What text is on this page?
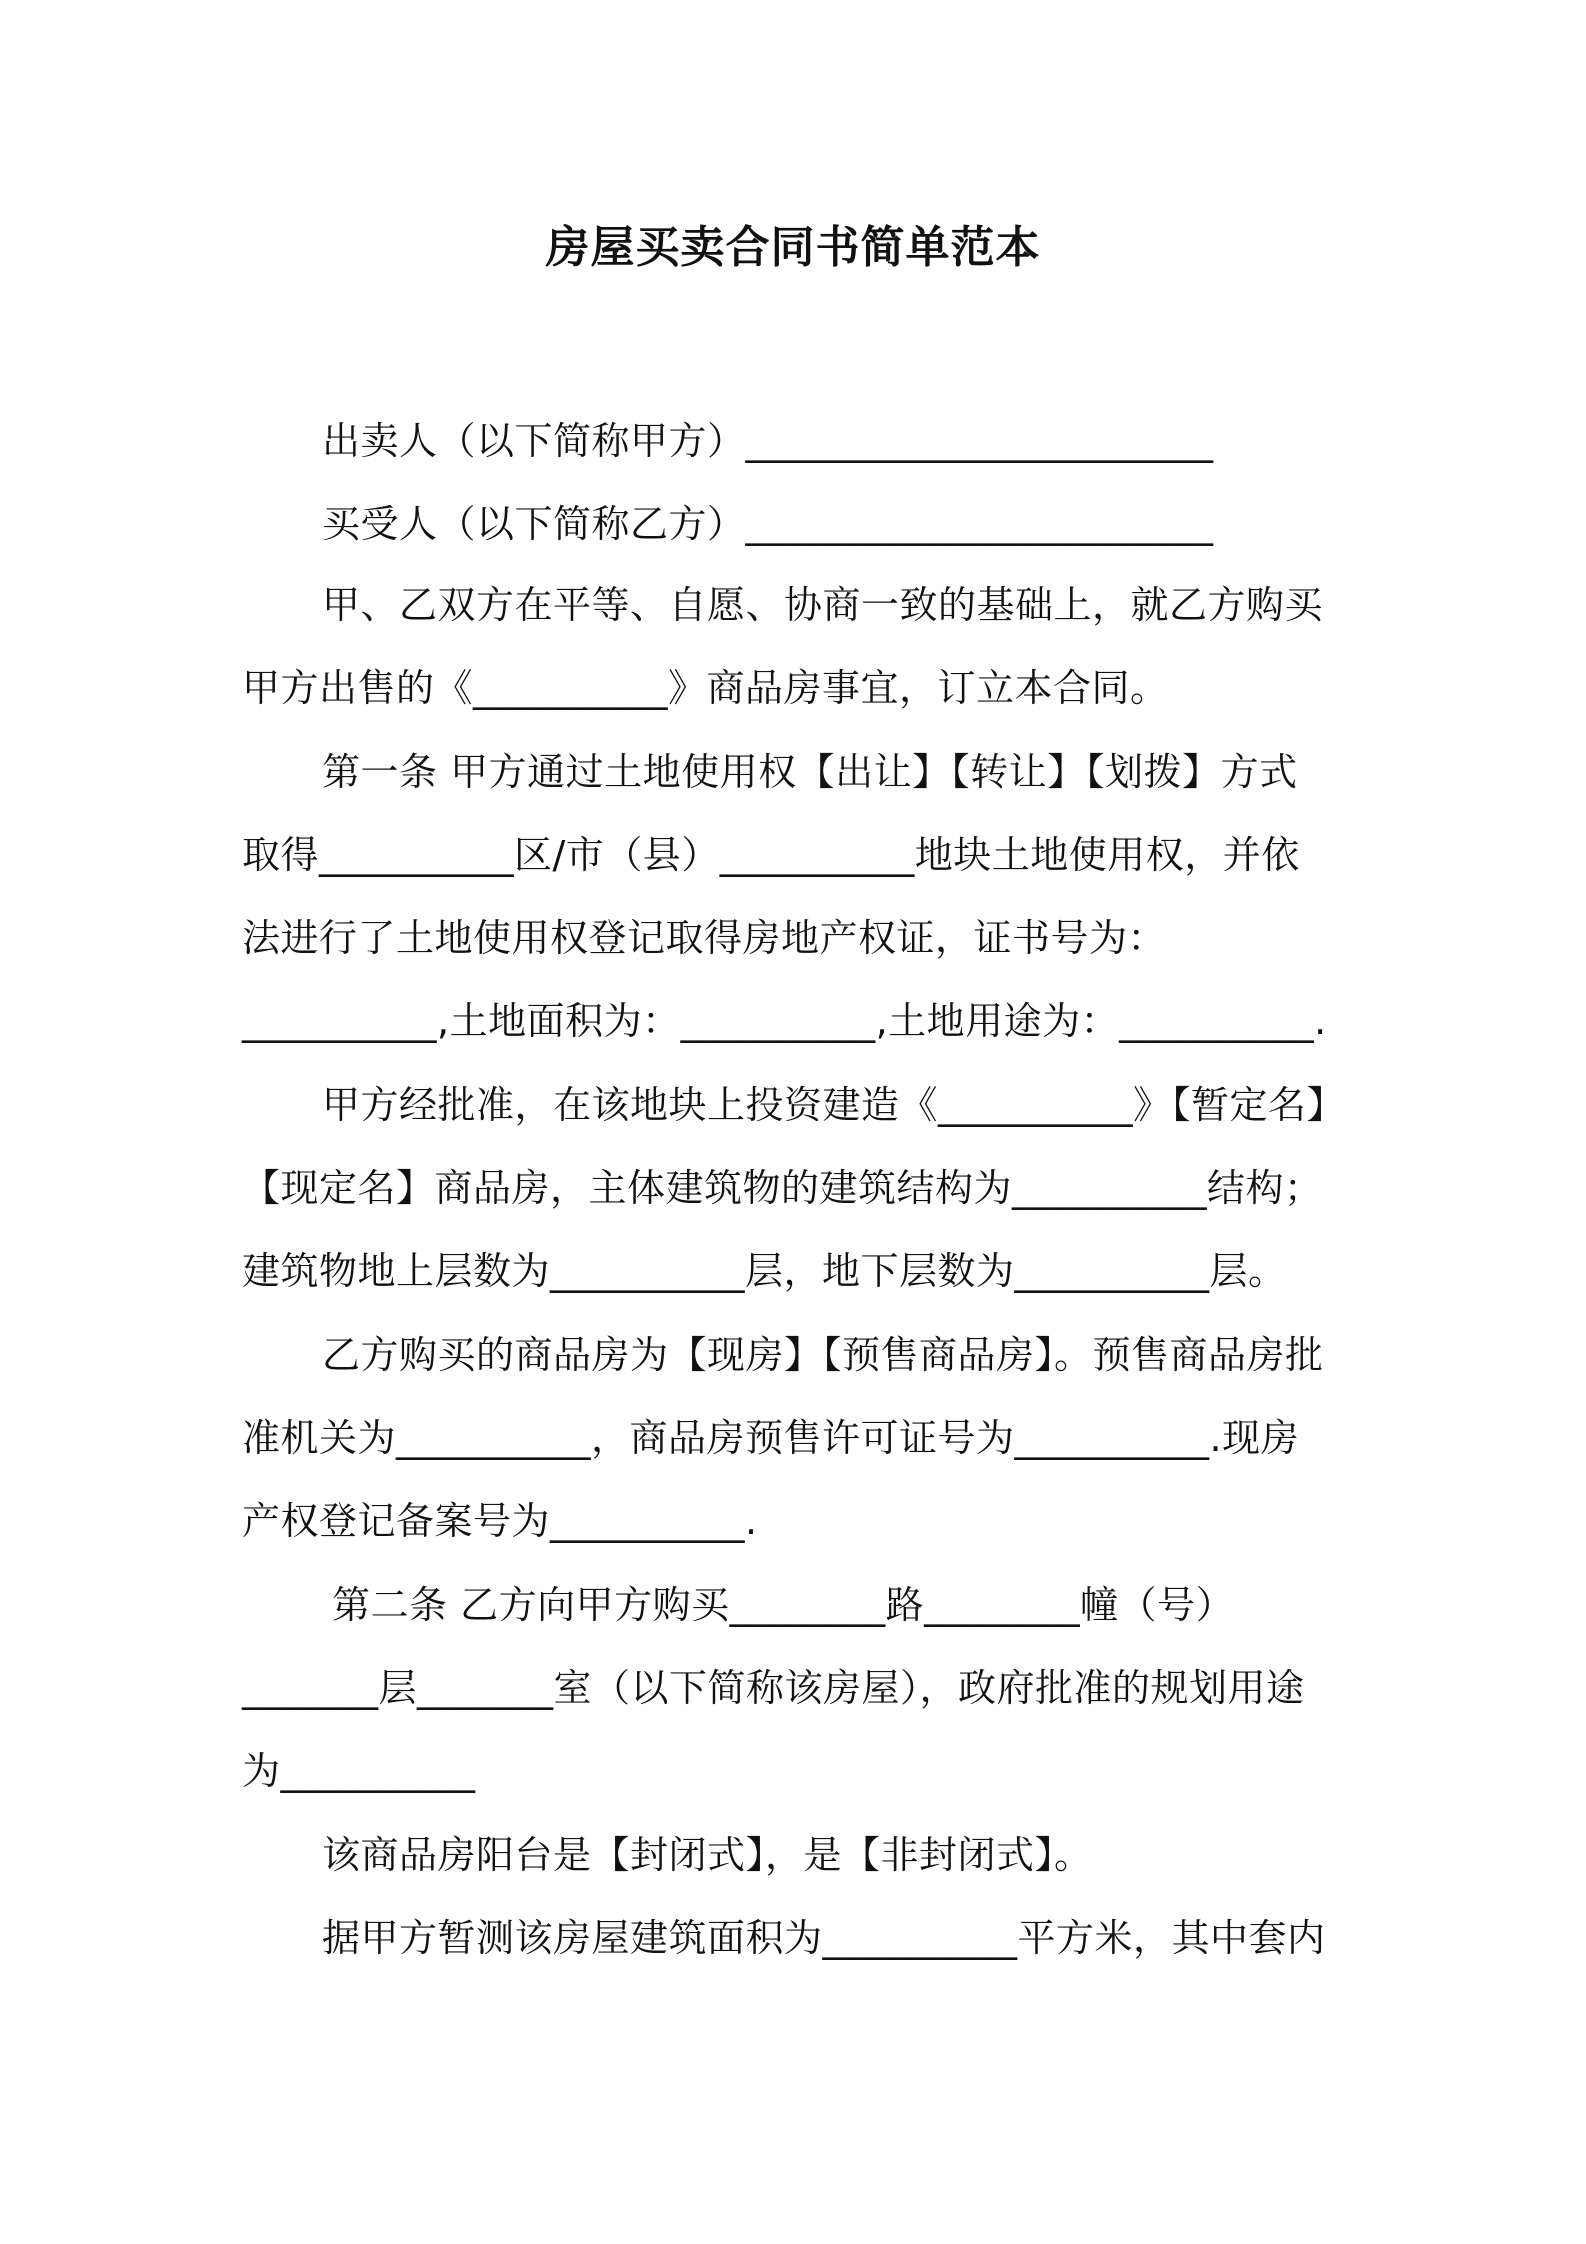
房屋买卖合同书简单范本
出卖人（以下简称甲方）________________________
买受人（以下简称乙方）________________________
甲、乙双方在平等、自愿、协商一致的基础上，就乙方购买
甲方出售的《__________》商品房事宜，订立本合同。
第一条 甲方通过土地使用权【出让】【转让】【划拨】方式
取得__________区/市（县）__________地块土地使用权，并依
法进行了土地使用权登记取得房地产权证，证书号为：
__________,土地面积为：__________,土地用途为：__________.
甲方经批准，在该地块上投资建造《__________》【暂定名】
【现定名】商品房，主体建筑物的建筑结构为__________结构；
建筑物地上层数为__________层，地下层数为__________层。
乙方购买的商品房为【现房】【预售商品房】。预售商品房批
准机关为__________，商品房预售许可证号为__________.现房
产权登记备案号为__________.
第二条 乙方向甲方购买________路________幢（号）
_______层_______室（以下简称该房屋），政府批准的规划用途
为__________
该商品房阳台是【封闭式】，是【非封闭式】。
据甲方暂测该房屋建筑面积为__________平方米，其中套内
